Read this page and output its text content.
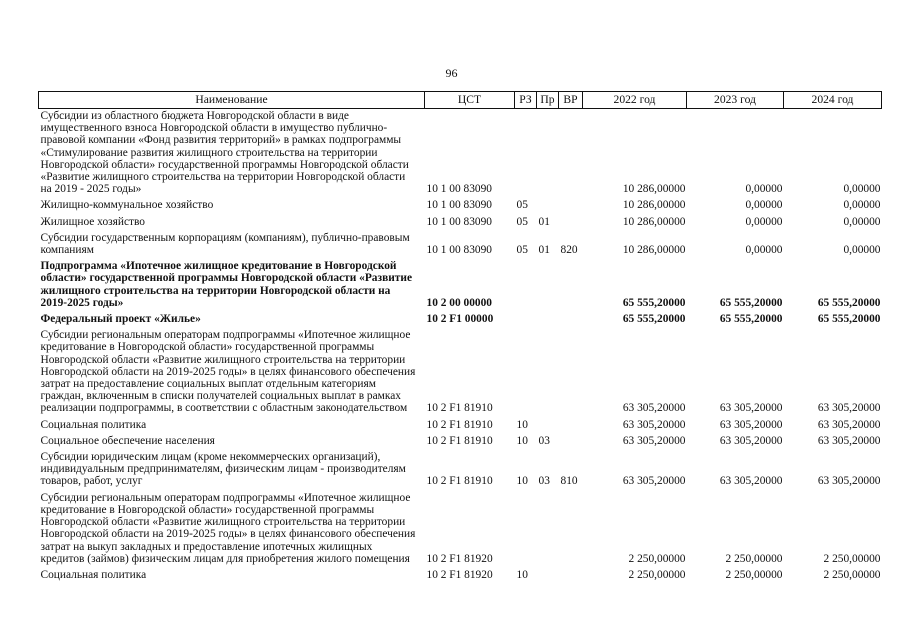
96
Наименование	ЦСТ	РЗ	Пр	ВР	2022 год	2023 год	2024 год
Субсидии из областного бюджета Новгородской области в виде имущественного взноса Новгородской области в имущество публично-правовой компании «Фонд развития территорий» в рамках подпрограммы «Стимулирование развития жилищного строительства на территории Новгородской области» государственной программы Новгородской области «Развитие жилищного строительства на территории Новгородской области на 2019 - 2025 годы»	10 1 00 83090				10 286,00000	0,00000	0,00000
Жилищно-коммунальное хозяйство	10 1 00 83090	05			10 286,00000	0,00000	0,00000
Жилищное хозяйство	10 1 00 83090	05	01		10 286,00000	0,00000	0,00000
Субсидии государственным корпорациям (компаниям), публично-правовым компаниям	10 1 00 83090	05	01	820	10 286,00000	0,00000	0,00000
Подпрограмма «Ипотечное жилищное кредитование в Новгородской области» государственной программы Новгородской области «Развитие жилищного строительства на территории Новгородской области на 2019-2025 годы»	10 2 00 00000				65 555,20000	65 555,20000	65 555,20000
Федеральный проект «Жилье»	10 2 F1 00000				65 555,20000	65 555,20000	65 555,20000
Субсидии региональным операторам подпрограммы «Ипотечное жилищное кредитование в Новгородской области» государственной программы Новгородской области «Развитие жилищного строительства на территории Новгородской области на 2019-2025 годы» в целях финансового обеспечения затрат на предоставление социальных выплат отдельным категориям граждан, включенным в списки получателей социальных выплат в рамках реализации подпрограммы, в соответствии с областным законодательством	10 2 F1 81910				63 305,20000	63 305,20000	63 305,20000
Социальная политика	10 2 F1 81910	10			63 305,20000	63 305,20000	63 305,20000
Социальное обеспечение населения	10 2 F1 81910	10	03		63 305,20000	63 305,20000	63 305,20000
Субсидии юридическим лицам (кроме некоммерческих организаций), индивидуальным предпринимателям, физическим лицам - производителям товаров, работ, услуг	10 2 F1 81910	10	03	810	63 305,20000	63 305,20000	63 305,20000
Субсидии региональным операторам подпрограммы «Ипотечное жилищное кредитование в Новгородской области» государственной программы Новгородской области «Развитие жилищного строительства на территории Новгородской области на 2019-2025 годы» в целях финансового обеспечения затрат на выкуп закладных и предоставление ипотечных жилищных кредитов (займов) физическим лицам для приобретения жилого помещения	10 2 F1 81920				2 250,00000	2 250,00000	2 250,00000
Социальная политика	10 2 F1 81920	10			2 250,00000	2 250,00000	2 250,00000
